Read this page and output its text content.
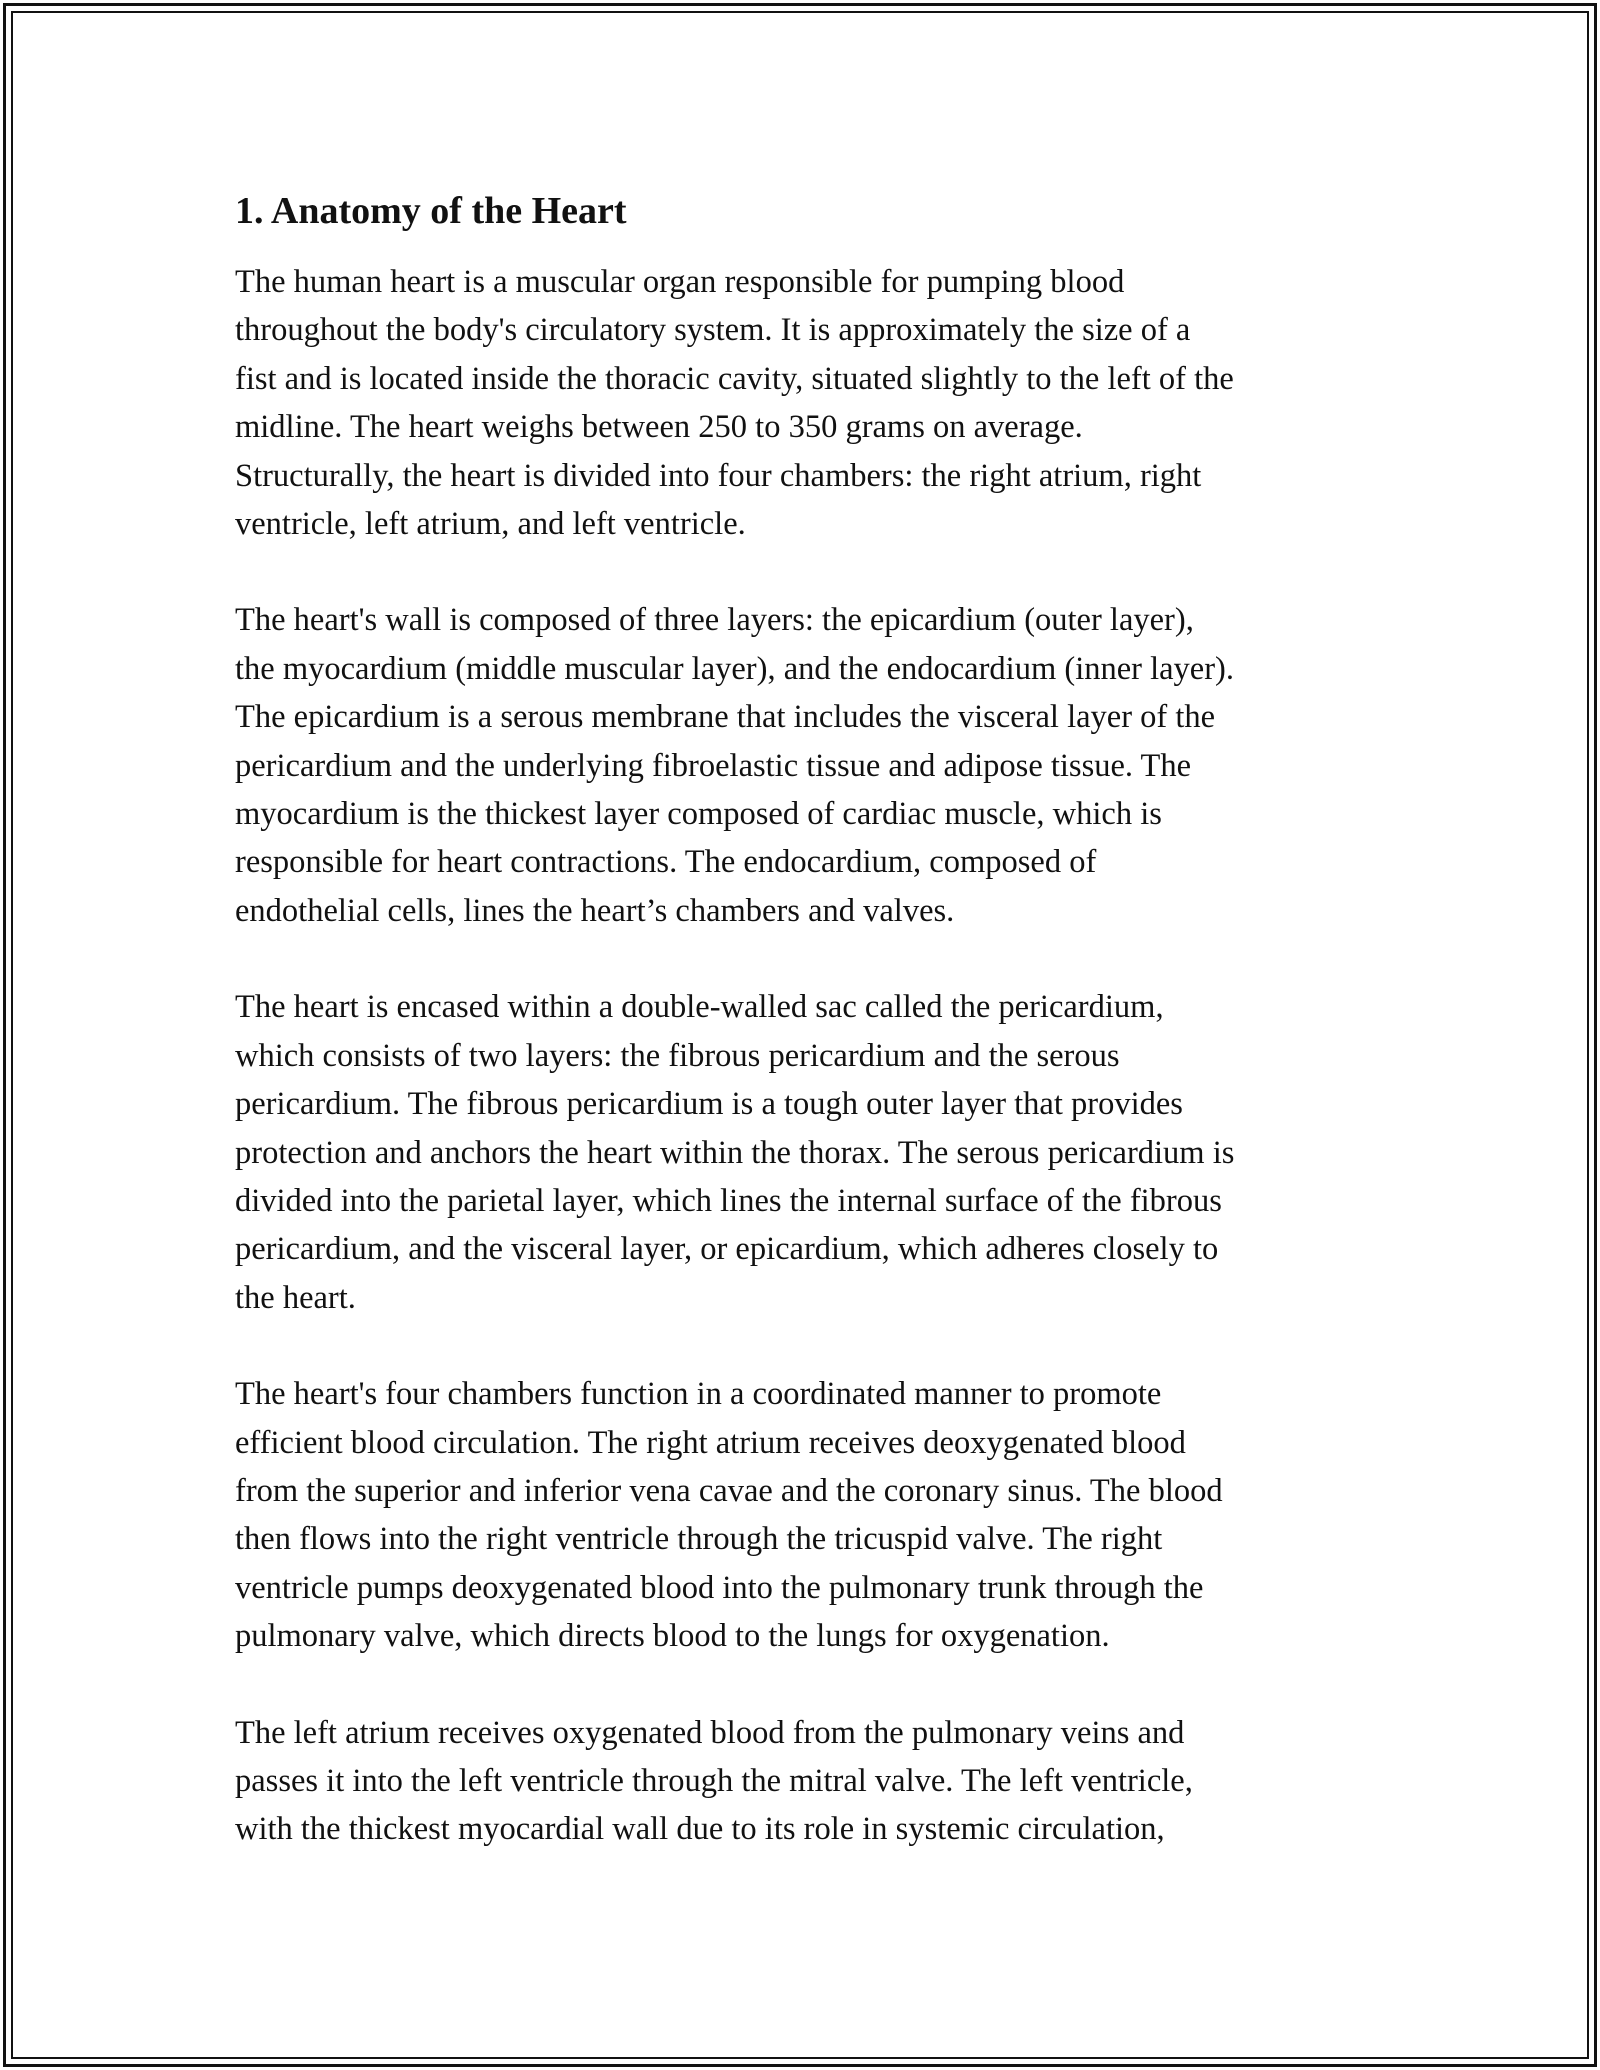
1. Anatomy of the Heart

The human heart is a muscular organ responsible for pumping blood
throughout the body's circulatory system. It is approximately the size of a
fist and is located inside the thoracic cavity, situated slightly to the left of the
midline. The heart weighs between 250 to 350 grams on average.
Structurally, the heart is divided into four chambers: the right atrium, right
ventricle, left atrium, and left ventricle.

The heart's wall is composed of three layers: the epicardium (outer layer),
the myocardium (middle muscular layer), and the endocardium (inner layer).
The epicardium is a serous membrane that includes the visceral layer of the
pericardium and the underlying fibroelastic tissue and adipose tissue. The
myocardium is the thickest layer composed of cardiac muscle, which is
responsible for heart contractions. The endocardium, composed of
endothelial cells, lines the heart’s chambers and valves.

The heart is encased within a double-walled sac called the pericardium,
which consists of two layers: the fibrous pericardium and the serous
pericardium. The fibrous pericardium is a tough outer layer that provides
protection and anchors the heart within the thorax. The serous pericardium is
divided into the parietal layer, which lines the internal surface of the fibrous
pericardium, and the visceral layer, or epicardium, which adheres closely to
the heart.

The heart's four chambers function in a coordinated manner to promote
efficient blood circulation. The right atrium receives deoxygenated blood
from the superior and inferior vena cavae and the coronary sinus. The blood
then flows into the right ventricle through the tricuspid valve. The right
ventricle pumps deoxygenated blood into the pulmonary trunk through the
pulmonary valve, which directs blood to the lungs for oxygenation.

The left atrium receives oxygenated blood from the pulmonary veins and
passes it into the left ventricle through the mitral valve. The left ventricle,
with the thickest myocardial wall due to its role in systemic circulation,
